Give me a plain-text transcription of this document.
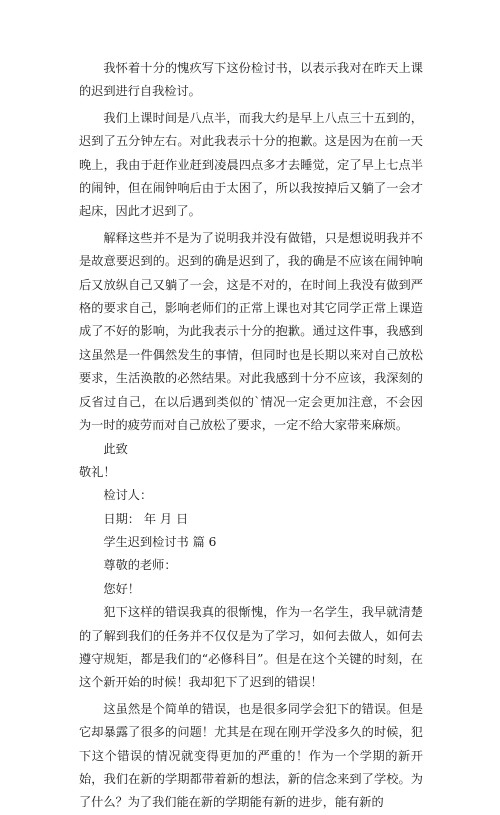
我怀着十分的愧疚写下这份检讨书，以表示我对在昨天上课的迟到进行自我检讨。

我们上课时间是八点半，而我大约是早上八点三十五到的，迟到了五分钟左右。对此我表示十分的抱歉。这是因为在前一天晚上，我由于赶作业赶到凌晨四点多才去睡觉，定了早上七点半的闹钟，但在闹钟响后由于太困了，所以我按掉后又躺了一会才起床，因此才迟到了。

解释这些并不是为了说明我并没有做错，只是想说明我并不是故意要迟到的。迟到的确是迟到了，我的确是不应该在闹钟响后又放纵自己又躺了一会，这是不对的，在时间上我没有做到严格的要求自己，影响老师们的正常上课也对其它同学正常上课造成了不好的影响，为此我表示十分的抱歉。通过这件事，我感到这虽然是一件偶然发生的事情，但同时也是长期以来对自己放松要求，生活涣散的必然结果。对此我感到十分不应该，我深刻的反省过自己，在以后遇到类似的`情况一定会更加注意，不会因为一时的疲劳而对自己放松了要求，一定不给大家带来麻烦。

此致
敬礼！
检讨人：
日期： 年 月 日
学生迟到检讨书 篇 6
尊敬的老师：
您好！

犯下这样的错误我真的很惭愧，作为一名学生，我早就清楚的了解到我们的任务并不仅仅是为了学习，如何去做人，如何去遵守规矩，都是我们的“必修科目”。但是在这个关键的时刻，在这个新开始的时候！我却犯下了迟到的错误！

这虽然是个简单的错误，也是很多同学会犯下的错误。但是它却暴露了很多的问题！尤其是在现在刚开学没多久的时候，犯下这个错误的情况就变得更加的严重的！作为一个学期的新开始，我们在新的学期都带着新的想法，新的信念来到了学校。为了什么？为了我们能在新的学期能有新的进步，能有新的
